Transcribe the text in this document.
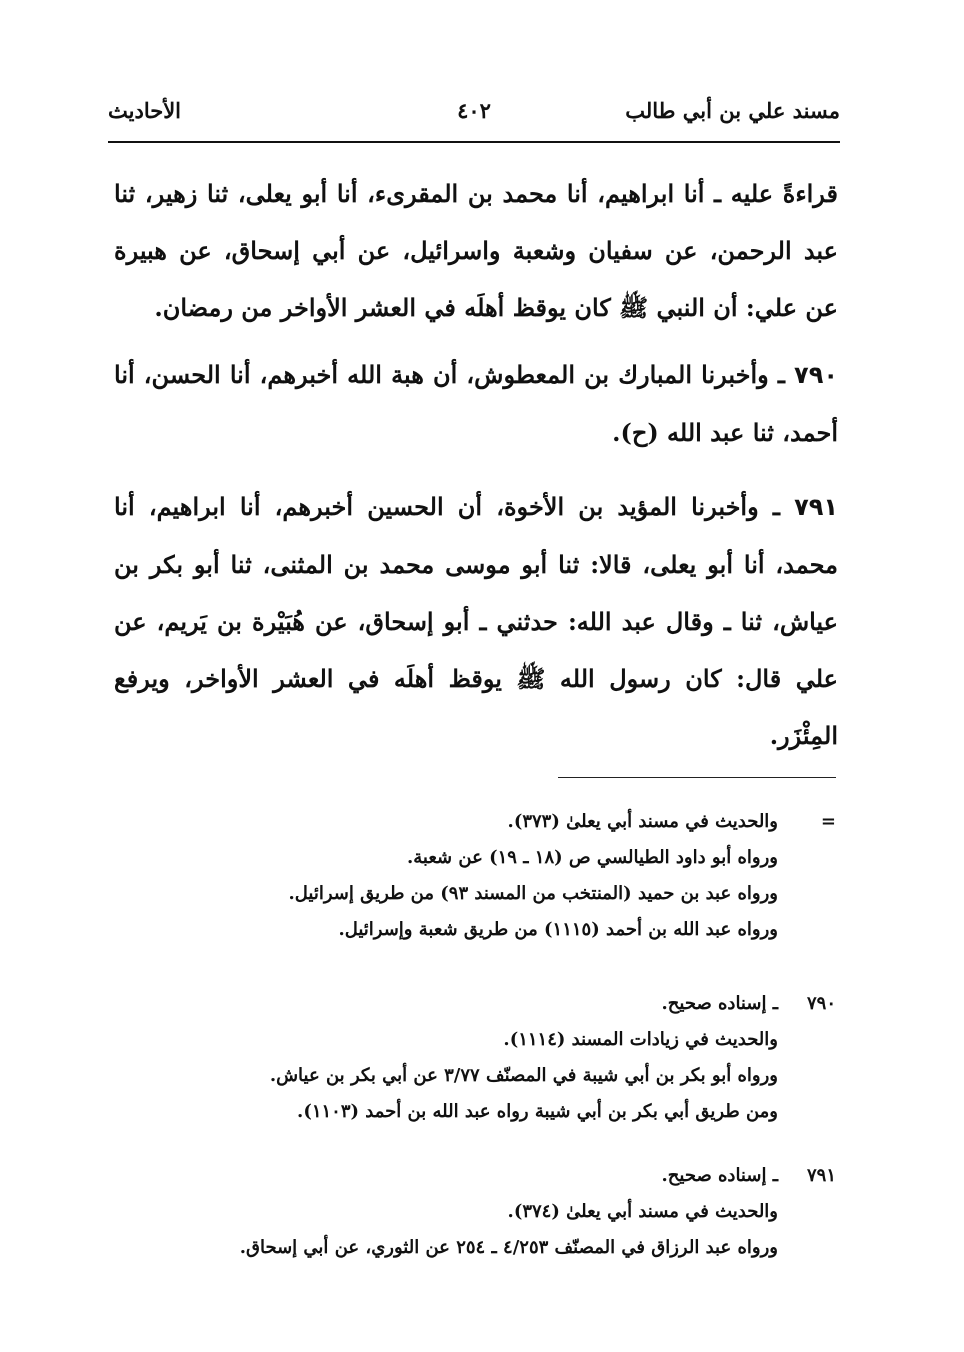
مسند علي بن أبي طالب
٤٠٢
الأحاديث

قراءةً عليه ـ أنا ابراهيم، أنا محمد بن المقرىء، أنا أبو يعلى، ثنا زهير، ثنا عبد الرحمن، عن سفيان وشعبة واسرائيل، عن أبي إسحاق، عن هبيرة عن علي: أن النبي ﷺ كان يوقظ أهلَه في العشر الأواخر من رمضان.

٧٩٠ ـ وأخبرنا المبارك بن المعطوش، أن هبة الله أخبرهم، أنا الحسن، أنا أحمد، ثنا عبد الله (ح).

٧٩١ ـ وأخبرنا المؤيد بن الأخوة، أن الحسين أخبرهم، أنا ابراهيم، أنا محمد، أنا أبو يعلى، قالا: ثنا أبو موسى محمد بن المثنى، ثنا أبو بكر بن عياش، ثنا ـ وقال عبد الله: حدثني ـ أبو إسحاق، عن هُبَيْرة بن يَريم، عن علي قال: كان رسول الله ﷺ يوقظ أهلَه في العشر الأواخر، ويرفع المِئْزَر.

=والحديث في مسند أبي يعلىٰ (٣٧٣).
ورواه أبو داود الطيالسي ص (١٨ ـ ١٩) عن شعبة.
ورواه عبد بن حميد (المنتخب من المسند ٩٣) من طريق إسرائيل.
ورواه عبد الله بن أحمد (١١١٥) من طريق شعبة وإسرائيل.
٧٩٠ـ إسناده صحيح.
والحديث في زيادات المسند (١١١٤).
ورواه أبو بكر بن أبي شيبة في المصنّف ٣/٧٧ عن أبي بكر بن عياش.
ومن طريق أبي بكر بن أبي شيبة رواه عبد الله بن أحمد (١١٠٣).
٧٩١ـ إسناده صحيح.
والحديث في مسند أبي يعلىٰ (٣٧٤).
ورواه عبد الرزاق في المصنّف ٤/٢٥٣ ـ ٢٥٤ عن الثوري، عن أبي إسحاق.
